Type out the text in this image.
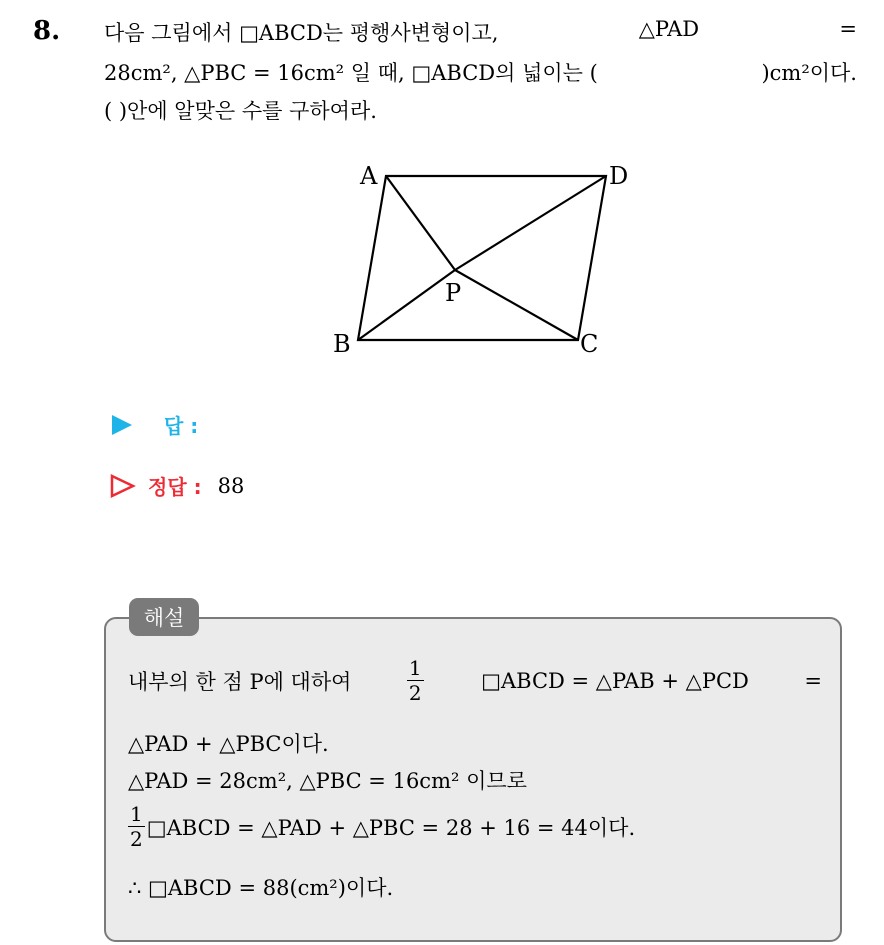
8. 다음 그림에서 □ABCD는 평행사변형이고,	△PAD	=
28cm², △PBC = 16cm² 일 때, □ABCD의 넓이는 (	)cm²이다.
( )안에 알맞은 수를 구하여라.
A	D
P
B	C
답 :
정답 : 88
해설
내부의 한 점 P에 대하여	$\frac{1}{2}$	□ABCD = △PAB + △PCD	=
△PAD + △PBC이다.
△PAD = 28cm², △PBC = 16cm² 이므로
$\frac{1}{2}$ □ABCD = △PAD + △PBC = 28 + 16 = 44이다.
∴ □ABCD = 88(cm²)이다.
